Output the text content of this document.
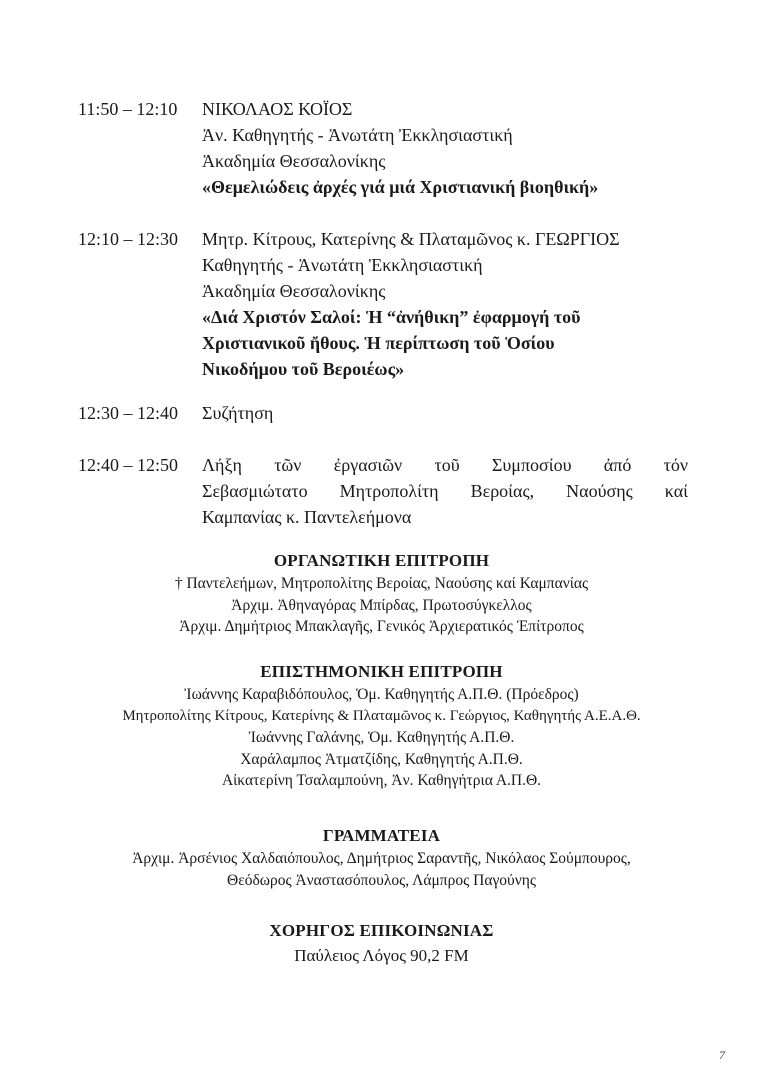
11:50 – 12:10	ΝΙΚΟΛΑΟΣ ΚΟΪΟΣ
Ἀν. Καθηγητής - Ἀνωτάτη Ἐκκλησιαστική
Ἀκαδημία Θεσσαλονίκης
«Θεμελιώδεις ἀρχές γιά μιά Χριστιανική βιοηθική»
12:10 – 12:30	Μητρ. Κίτρους, Κατερίνης & Πλαταμῶνος κ. ΓΕΩΡΓΙΟΣ
Καθηγητής - Ἀνωτάτη Ἐκκλησιαστική
Ἀκαδημία Θεσσαλονίκης
«Διά Χριστόν Σαλοί: Ἡ “ἀνήθικη” ἐφαρμογή τοῦ
Χριστιανικοῦ ἤθους. Ἡ περίπτωση τοῦ Ὁσίου
Νικοδήμου τοῦ Βεροιέως»
12:30 – 12:40	Συζήτηση
12:40 – 12:50	Λήξη τῶν ἐργασιῶν τοῦ Συμποσίου ἀπό τόν
Σεβασμιώτατο Μητροπολίτη Βεροίας, Ναούσης καί
Καμπανίας κ. Παντελεήμονα
ΟΡΓΑΝΩΤΙΚΗ ΕΠΙΤΡΟΠΗ
† Παντελεήμων, Μητροπολίτης Βεροίας, Ναούσης καί Καμπανίας
Ἀρχιμ. Ἀθηναγόρας Μπίρδας, Πρωτοσύγκελλος
Ἀρχιμ. Δημήτριος Μπακλαγῆς, Γενικός Ἀρχιερατικός Ἐπίτροπος
ΕΠΙΣΤΗΜΟΝΙΚΗ ΕΠΙΤΡΟΠΗ
Ἰωάννης Καραβιδόπουλος, Ὁμ. Καθηγητής Α.Π.Θ. (Πρόεδρος)
Μητροπολίτης Κίτρους, Κατερίνης & Πλαταμῶνος κ. Γεώργιος, Καθηγητής Α.Ε.Α.Θ.
Ἰωάννης Γαλάνης, Ὁμ. Καθηγητής Α.Π.Θ.
Χαράλαμπος Ἀτματζίδης, Καθηγητής Α.Π.Θ.
Αἰκατερίνη Τσαλαμπούνη, Ἀν. Καθηγήτρια Α.Π.Θ.
ΓΡΑΜΜΑΤΕΙΑ
Ἀρχιμ. Ἀρσένιος Χαλδαιόπουλος, Δημήτριος Σαραντῆς, Νικόλαος Σούμπουρος,
Θεόδωρος Ἀναστασόπουλος, Λάμπρος Παγούνης
ΧΟΡΗΓΟΣ ΕΠΙΚΟΙΝΩΝΙΑΣ
Παύλειος Λόγος 90,2 FM
7
